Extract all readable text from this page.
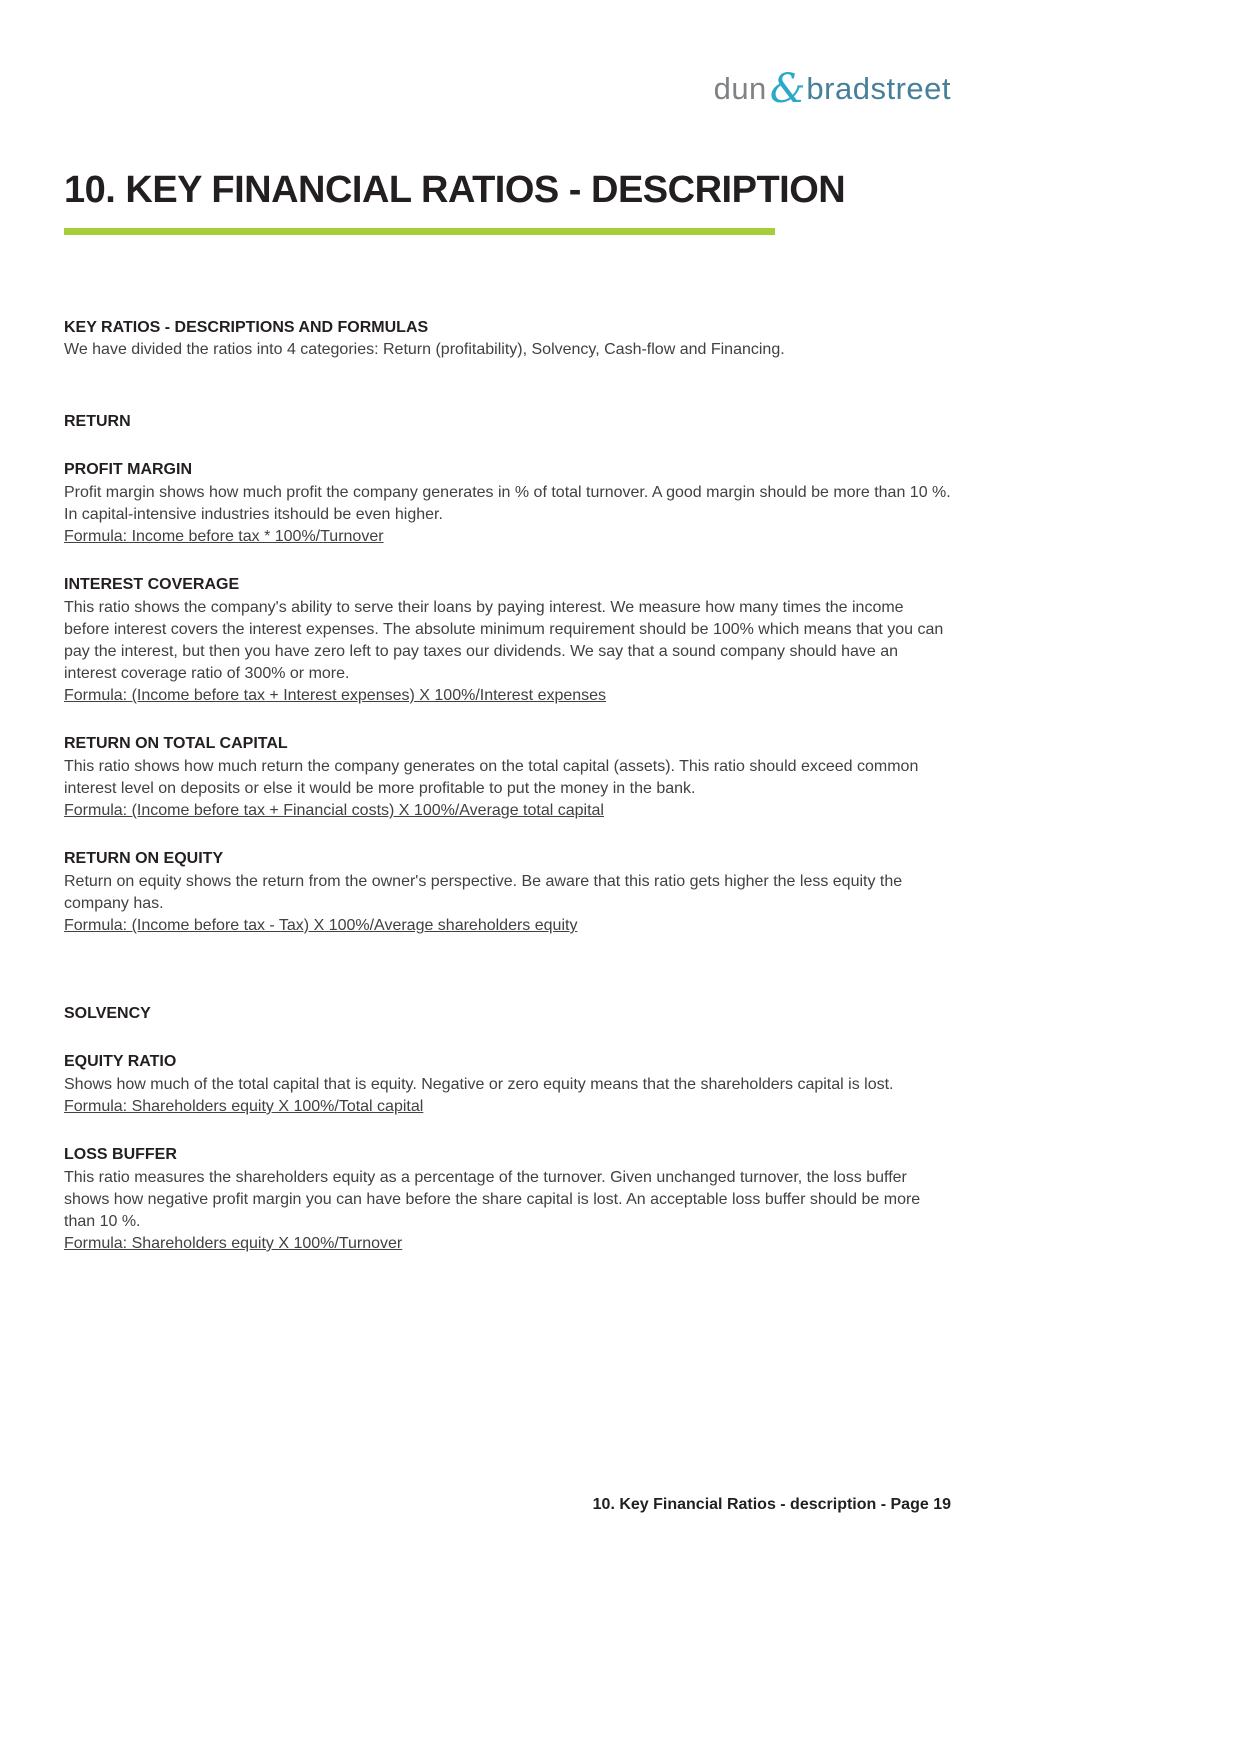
dun & bradstreet
10. KEY FINANCIAL RATIOS - DESCRIPTION
KEY RATIOS - DESCRIPTIONS AND FORMULAS

We have divided the ratios into 4 categories: Return (profitability), Solvency, Cash-flow and Financing.

RETURN
PROFIT MARGIN

Profit margin shows how much profit the company generates in % of total turnover. A good margin should be more than 10 %. In capital-intensive industries itshould be even higher.

Formula: Income before tax * 100%/Turnover

INTEREST COVERAGE

This ratio shows the company's ability to serve their loans by paying interest. We measure how many times the income before interest covers the interest expenses. The absolute minimum requirement should be 100% which means that you can pay the interest, but then you have zero left to pay taxes our dividends. We say that a sound company should have an interest coverage ratio of 300% or more.

Formula: (Income before tax + Interest expenses) X 100%/Interest expenses

RETURN ON TOTAL CAPITAL

This ratio shows how much return the company generates on the total capital (assets). This ratio should exceed common interest level on deposits or else it would be more profitable to put the money in the bank.

Formula: (Income before tax + Financial costs) X 100%/Average total capital

RETURN ON EQUITY

Return on equity shows the return from the owner's perspective. Be aware that this ratio gets higher the less equity the company has.

Formula: (Income before tax - Tax) X 100%/Average shareholders equity

SOLVENCY
EQUITY RATIO

Shows how much of the total capital that is equity. Negative or zero equity means that the shareholders capital is lost.

Formula: Shareholders equity X 100%/Total capital

LOSS BUFFER

This ratio measures the shareholders equity as a percentage of the turnover. Given unchanged turnover, the loss buffer shows how negative profit margin you can have before the share capital is lost. An acceptable loss buffer should be more than 10 %.

Formula: Shareholders equity X 100%/Turnover

10. Key Financial Ratios - description - Page 19
